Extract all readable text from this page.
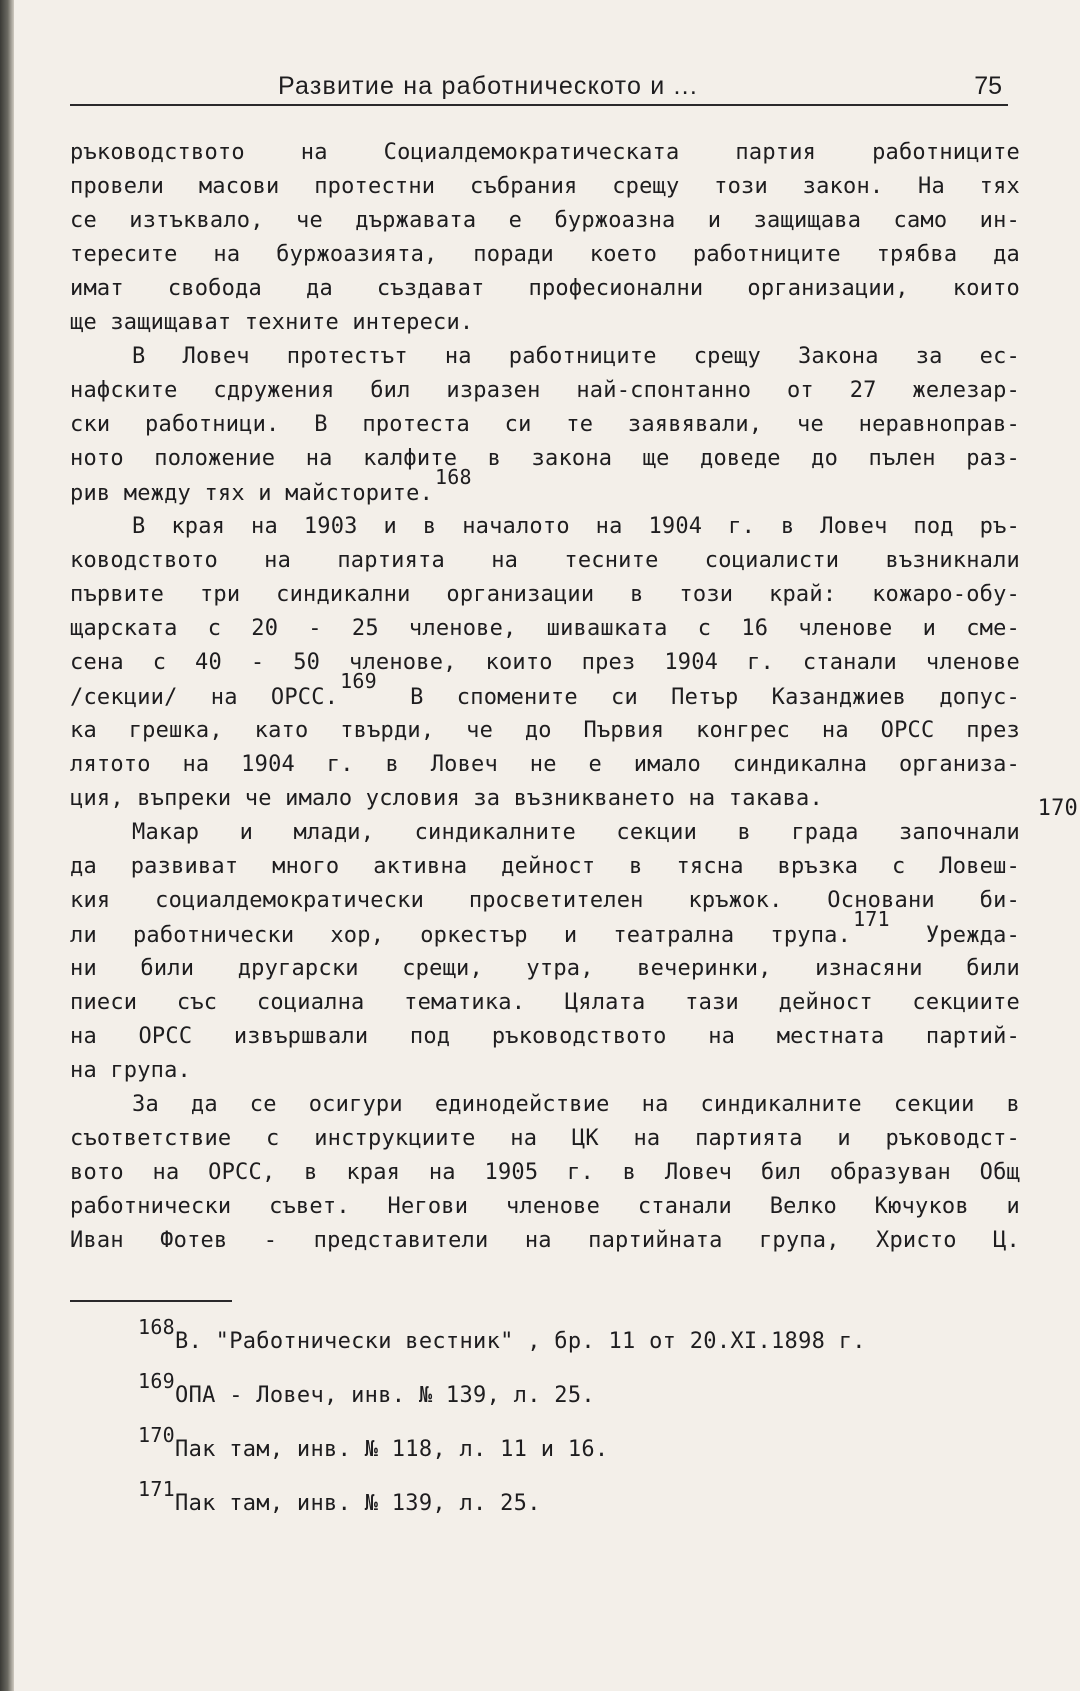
Развитие на работническото и ...	75
ръководството на Социалдемократическата партия работниците
провели масови протестни събрания срещу този закон. На тях
се изтъквало, че държавата е буржоазна и защищава само ин-
тересите на буржоазията, поради което работниците трябва да
имат свобода да създават професионални организации, които
ще защищават техните интереси.
В Ловеч протестът на работниците срещу Закона за ес-
нафските сдружения бил изразен най-спонтанно от 27 железар-
ски работници. В протеста си те заявявали, че неравноправ-
ното положение на калфите в закона ще доведе до пълен раз-
рив между тях и майсторите.168
В края на 1903 и в началото на 1904 г. в Ловеч под ръ-
ководството на партията на тесните социалисти възникнали
първите три синдикални организации в този край: кожаро-обу-
щарската с 20 - 25 членове, шивашката с 16 членове и сме-
сена с 40 - 50 членове, които през 1904 г. станали членове
/секции/ на ОРСС.169 В спомените си Петър Казанджиев допус-
ка грешка, като твърди, че до Първия конгрес на ОРСС през
лятото на 1904 г. в Ловеч не е имало синдикална организа-
ция, въпреки че имало условия за възникването на такава.	170
Макар и млади, синдикалните секции в града започнали
да развиват много активна дейност в тясна връзка с Ловеш-
кия социалдемократически просветителен кръжок. Основани би-
ли работнически хор, оркестър и театрална трупа.171 Урежда-
ни били другарски срещи, утра, вечеринки, изнасяни били
пиеси със социална тематика. Цялата тази дейност секциите
на ОРСС извършвали под ръководството на местната партий-
на група.
За да се осигури единодействие на синдикалните секции в
съответствие с инструкциите на ЦК на партията и ръководст-
вото на ОРСС, в края на 1905 г. в Ловеч бил образуван Общ
работнически съвет. Негови членове станали Велко Кючуков и
Иван Фотев - представители на партийната група, Христо Ц.
168В. "Работнически вестник" , бр. 11 от 20.XI.1898 г.
169ОПА - Ловеч, инв. № 139, л. 25.
170Пак там, инв. № 118, л. 11 и 16.
171Пак там, инв. № 139, л. 25.
